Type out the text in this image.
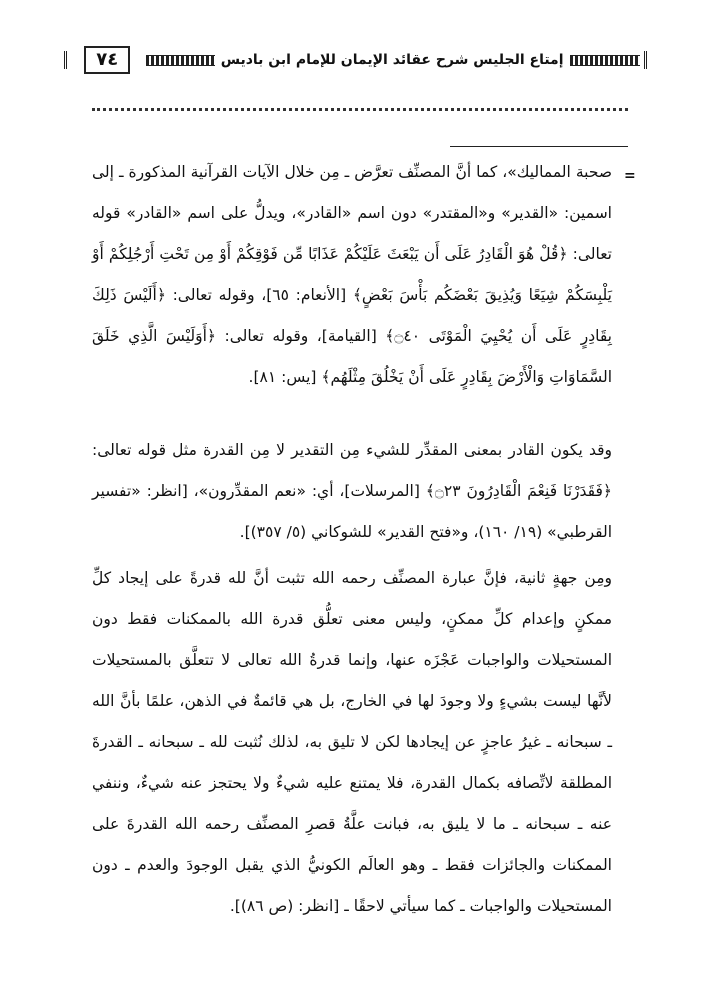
٧٤	إمتاع الجليس شرح عقائد الإيمان للإمام ابن باديس
=

صحبة المماليك»، كما أنَّ المصنِّف تعرَّض ـ مِن خلال الآيات القرآنية المذكورة ـ إلى اسمين: «القدير» و«المقتدر» دون اسم «القادر»، ويدلُّ على اسم «القادر» قوله تعالى: ﴿قُلْ هُوَ الْقَادِرُ عَلَى أَن يَبْعَثَ عَلَيْكُمْ عَذَابًا مِّن فَوْقِكُمْ أَوْ مِن تَحْتِ أَرْجُلِكُمْ أَوْ يَلْبِسَكُمْ شِيَعًا وَيُذِيقَ بَعْضَكُم بَأْسَ بَعْضٍ﴾ [الأنعام: ٦٥]، وقوله تعالى: ﴿أَلَيْسَ ذَلِكَ بِقَادِرٍ عَلَى أَن يُحْيِيَ الْمَوْتَى ۝٤٠﴾ [القيامة]، وقوله تعالى: ﴿أَوَلَيْسَ الَّذِي خَلَقَ السَّمَاوَاتِ وَالْأَرْضَ بِقَادِرٍ عَلَى أَنْ يَخْلُقَ مِثْلَهُم﴾ [يس: ٨١].

وقد يكون القادر بمعنى المقدِّر للشيء مِن التقدير لا مِن القدرة مثل قوله تعالى: ﴿فَقَدَرْنَا فَنِعْمَ الْقَادِرُونَ ۝٢٣﴾ [المرسلات]، أي: «نعم المقدِّرون»، [انظر: «تفسير القرطبي» (١٩/ ١٦٠)، و«فتح القدير» للشوكاني (٥/ ٣٥٧)].

ومِن جهةٍ ثانية، فإنَّ عبارة المصنِّف رحمه الله تثبت أنَّ لله قدرةً على إيجاد كلِّ ممكنٍ وإعدام كلِّ ممكنٍ، وليس معنى تعلُّق قدرة الله بالممكنات فقط دون المستحيلات والواجبات عَجْزَه عنها، وإنما قدرةُ الله تعالى لا تتعلَّق بالمستحيلات لأنَّها ليست بشيءٍ ولا وجودَ لها في الخارج، بل هي قائمةٌ في الذهن، علمًا بأنَّ الله ـ سبحانه ـ غيرُ عاجزٍ عن إيجادها لكن لا تليق به، لذلك نُثبت لله ـ سبحانه ـ القدرةَ المطلقة لاتِّصافه بكمال القدرة، فلا يمتنع عليه شيءٌ ولا يحتجز عنه شيءٌ، وننفي عنه ـ سبحانه ـ ما لا يليق به، فبانت علَّةُ قصرِ المصنِّف رحمه الله القدرةَ على الممكنات والجائزات فقط ـ وهو العالَم الكونيُّ الذي يقبل الوجودَ والعدم ـ دون المستحيلات والواجبات ـ كما سيأتي لاحقًا ـ [انظر: (ص ٨٦)].
